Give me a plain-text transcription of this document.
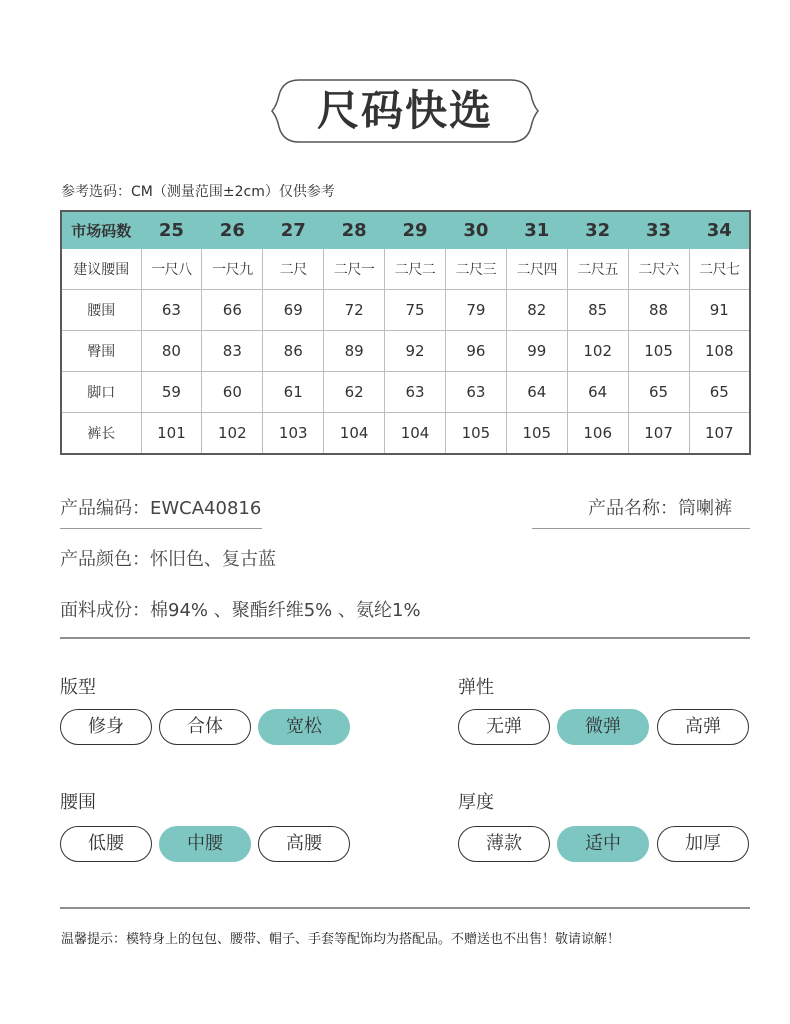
尺码快选
参考选码：CM（测量范围±2cm）仅供参考
市场码数	25	26	27	28	29	30	31	32	33	34
建议腰围	一尺八	一尺九	二尺	二尺一	二尺二	二尺三	二尺四	二尺五	二尺六	二尺七
腰围	63	66	69	72	75	79	82	85	88	91
臀围	80	83	86	89	92	96	99	102	105	108
脚口	59	60	61	62	63	63	64	64	65	65
裤长	101	102	103	104	104	105	105	106	107	107
产品编码：EWCA40816	产品名称：筒喇裤
产品颜色：怀旧色、复古蓝
面料成份：棉94% 、聚酯纤维5% 、氨纶1%
版型
修身	合体	宽松
弹性
无弹	微弹	高弹
腰围
低腰	中腰	高腰
厚度
薄款	适中	加厚
温馨提示：模特身上的包包、腰带、帽子、手套等配饰均为搭配品。不赠送也不出售！敬请谅解！
